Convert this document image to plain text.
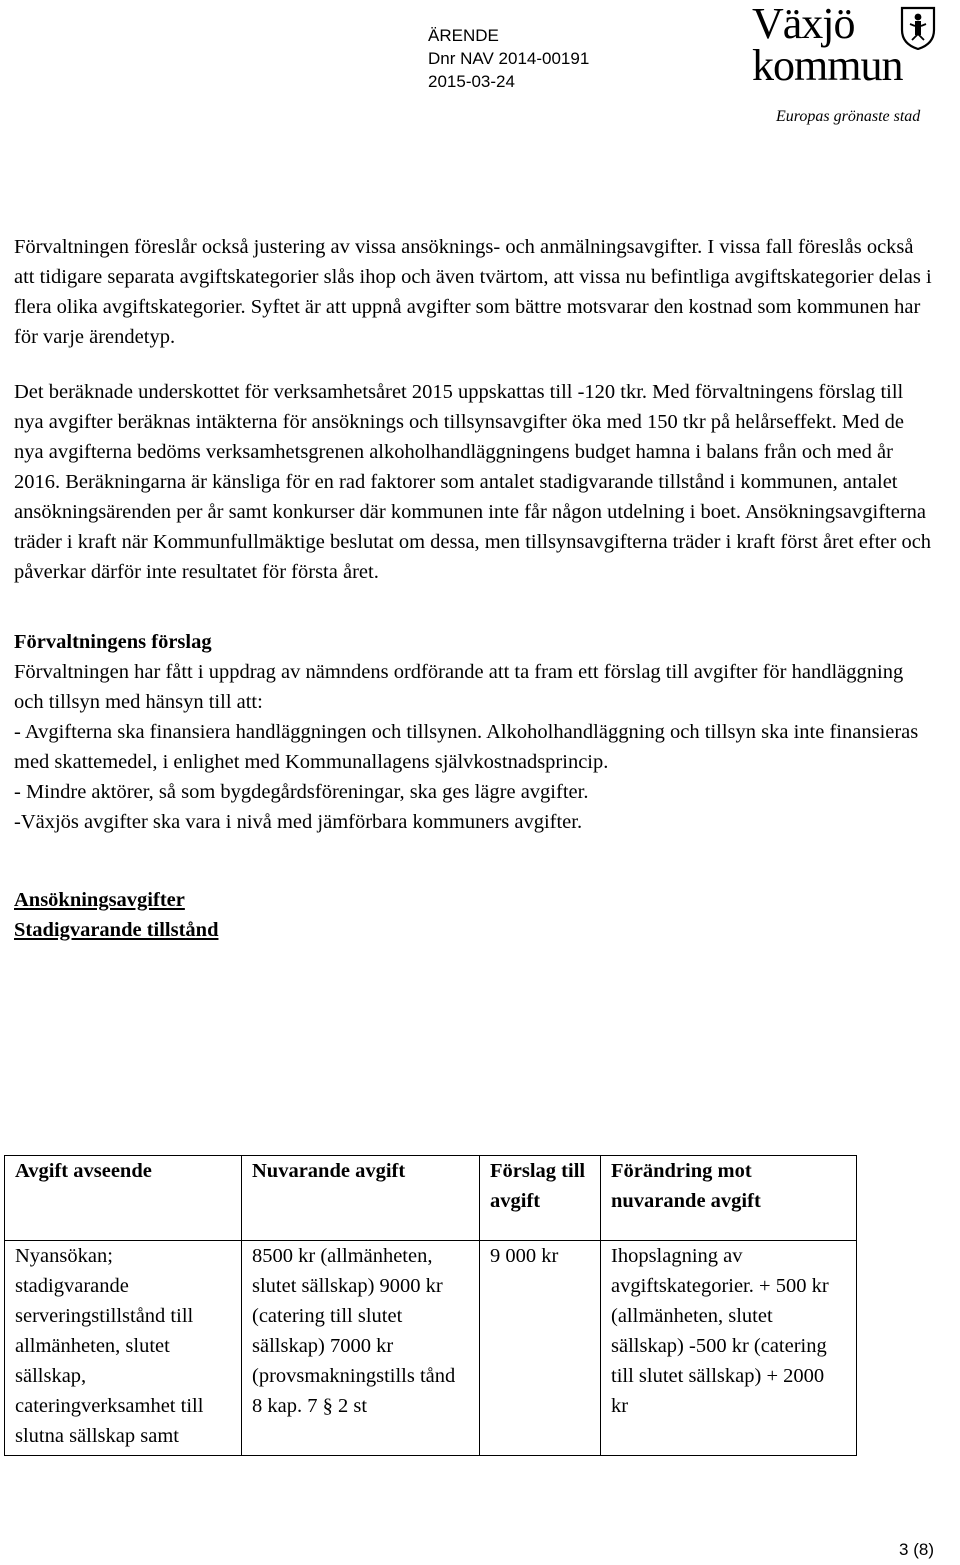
ÄRENDE
Dnr NAV 2014-00191
2015-03-24
Växjö
kommun
Europas grönaste stad

Förvaltningen föreslår också justering av vissa ansöknings- och anmälningsavgifter. I vissa fall föreslås också att tidigare separata avgiftskategorier slås ihop och även tvärtom, att vissa nu befintliga avgiftskategorier delas i flera olika avgiftskategorier. Syftet är att uppnå avgifter som bättre motsvarar den kostnad som kommunen har för varje ärendetyp.

Det beräknade underskottet för verksamhetsåret 2015 uppskattas till -120 tkr. Med förvaltningens förslag till nya avgifter beräknas intäkterna för ansöknings och tillsynsavgifter öka med 150 tkr på helårseffekt. Med de nya avgifterna bedöms verksamhetsgrenen alkoholhandläggningens budget hamna i balans från och med år 2016. Beräkningarna är känsliga för en rad faktorer som antalet stadigvarande tillstånd i kommunen, antalet ansökningsärenden per år samt konkurser där kommunen inte får någon utdelning i boet. Ansökningsavgifterna träder i kraft när Kommunfullmäktige beslutat om dessa, men tillsynsavgifterna träder i kraft först året efter och påverkar därför inte resultatet för första året.

Förvaltningens förslag

Förvaltningen har fått i uppdrag av nämndens ordförande att ta fram ett förslag till avgifter för handläggning och tillsyn med hänsyn till att:

- Avgifterna ska finansiera handläggningen och tillsynen. Alkoholhandläggning och tillsyn ska inte finansieras med skattemedel, i enlighet med Kommunallagens självkostnadsprincip.

- Mindre aktörer, så som bygdegårdsföreningar, ska ges lägre avgifter.

-Växjös avgifter ska vara i nivå med jämförbara kommuners avgifter.

Ansökningsavgifter

Stadigvarande tillstånd

Avgift avseende	Nuvarande avgift	Förslag till avgift	Förändring mot nuvarande avgift
Nyansökan; stadigvarande serveringstillstånd till allmänheten, slutet sällskap, cateringverksamhet till slutna sällskap samt	8500 kr (allmänheten, slutet sällskap) 9000 kr (catering till slutet sällskap) 7000 kr (provsmakningstills tånd 8 kap. 7 § 2 st	9 000 kr	Ihopslagning av avgiftskategorier. + 500 kr (allmänheten, slutet sällskap) -500 kr (catering till slutet sällskap) + 2000 kr
3 (8)
